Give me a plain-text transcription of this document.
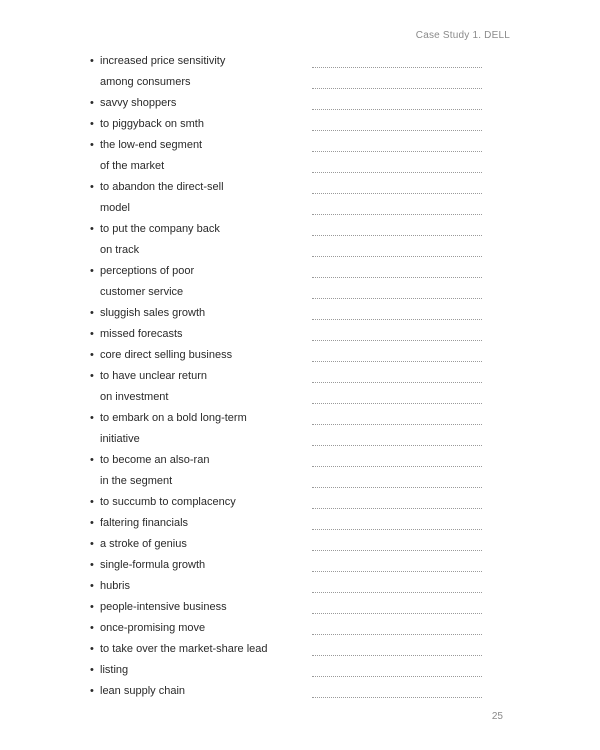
Case Study 1. DELL
• increased price sensitivity
among consumers
• savvy shoppers
• to piggyback on smth
• the low-end segment
of the market
• to abandon the direct-sell
model
• to put the company back
on track
• perceptions of poor
customer service
• sluggish sales growth
• missed forecasts
• core direct selling business
• to have unclear return
on investment
• to embark on a bold long-term
initiative
• to become an also-ran
in the segment
• to succumb to complacency
• faltering financials
• a stroke of genius
• single-formula growth
• hubris
• people-intensive business
• once-promising move
• to take over the market-share lead
• listing
• lean supply chain
25
